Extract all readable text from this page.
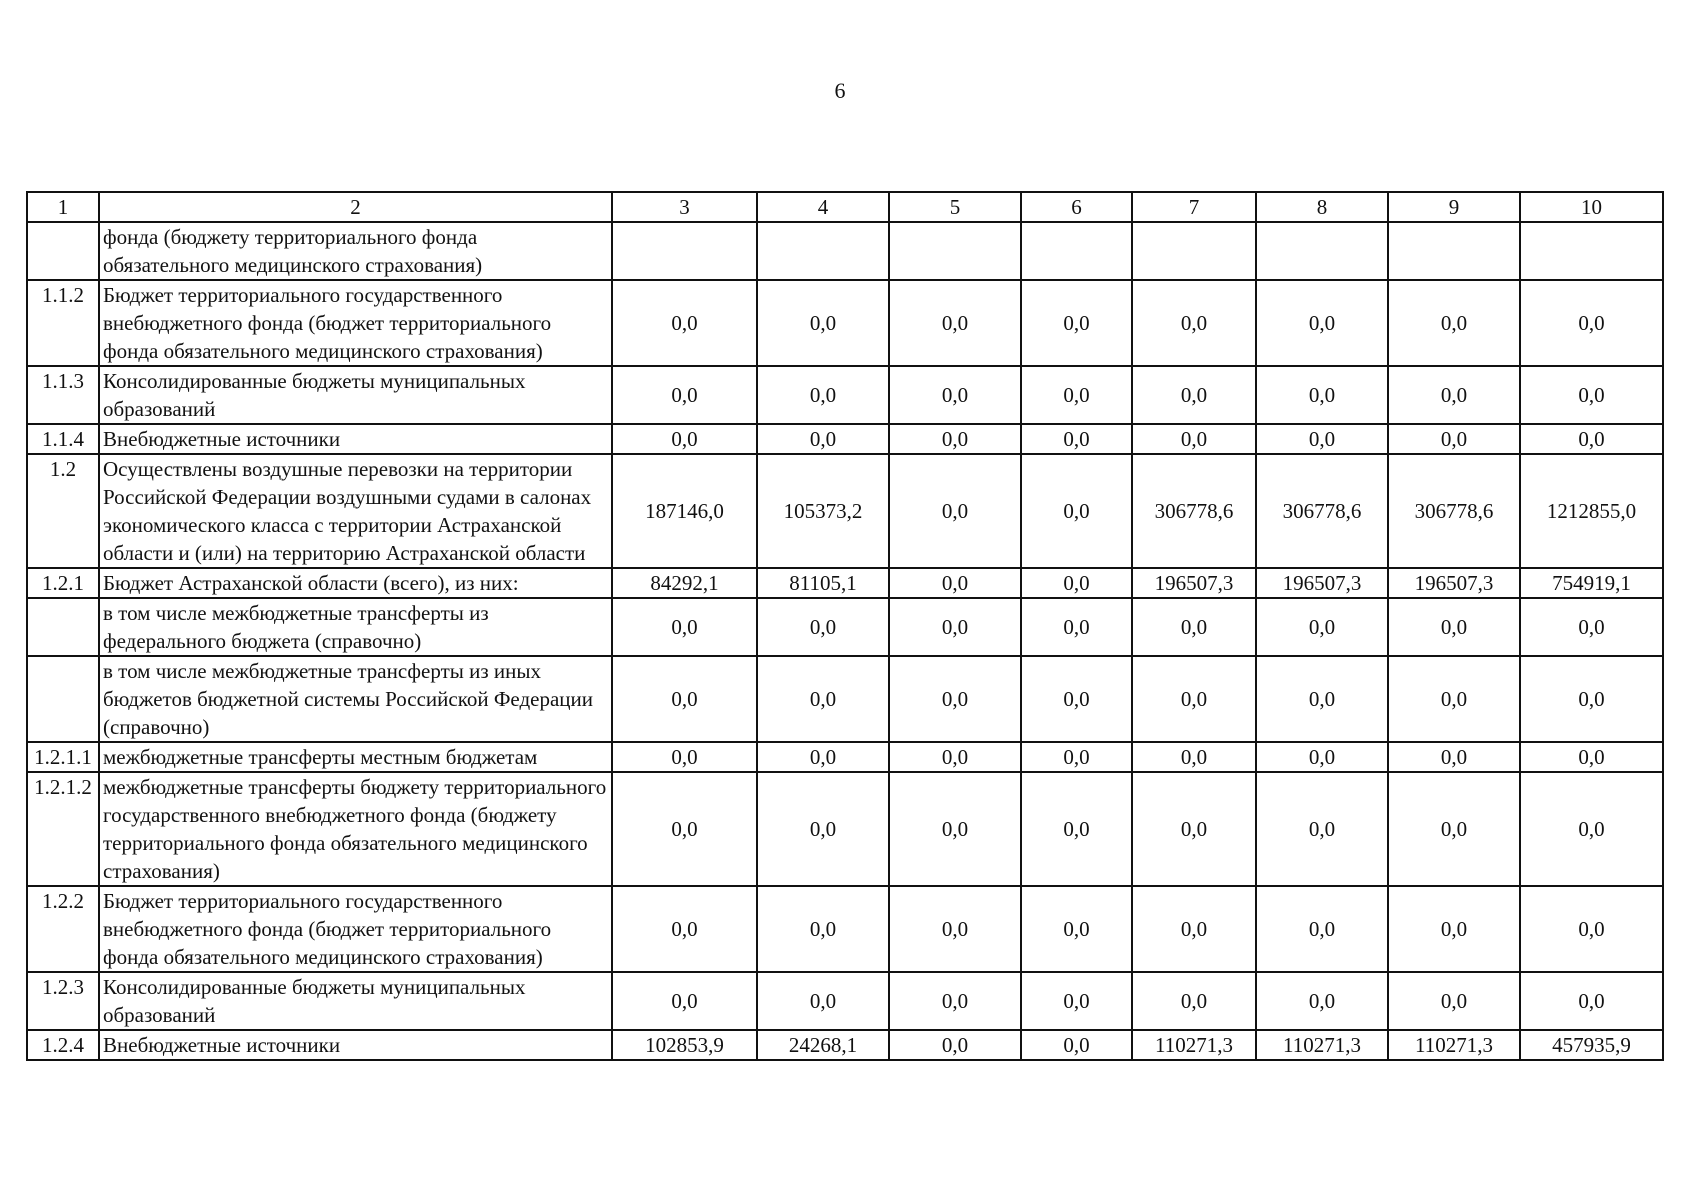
6
1	2	3	4	5	6	7	8	9	10
	фонда (бюджету территориального фонда обязательного медицинского страхования)								
1.1.2	Бюджет территориального государственного внебюджетного фонда (бюджет территориального фонда обязательного медицинского страхования)	0,0	0,0	0,0	0,0	0,0	0,0	0,0	0,0
1.1.3	Консолидированные бюджеты муниципальных образований	0,0	0,0	0,0	0,0	0,0	0,0	0,0	0,0
1.1.4	Внебюджетные источники	0,0	0,0	0,0	0,0	0,0	0,0	0,0	0,0
1.2	Осуществлены воздушные перевозки на территории Российской Федерации воздушными судами в салонах экономического класса с территории Астраханской области и (или) на территорию Астраханской области	187146,0	105373,2	0,0	0,0	306778,6	306778,6	306778,6	1212855,0
1.2.1	Бюджет Астраханской области (всего), из них:	84292,1	81105,1	0,0	0,0	196507,3	196507,3	196507,3	754919,1
	в том числе межбюджетные трансферты из федерального бюджета (справочно)	0,0	0,0	0,0	0,0	0,0	0,0	0,0	0,0
	в том числе межбюджетные трансферты из иных бюджетов бюджетной системы Российской Федерации (справочно)	0,0	0,0	0,0	0,0	0,0	0,0	0,0	0,0
1.2.1.1	межбюджетные трансферты местным бюджетам	0,0	0,0	0,0	0,0	0,0	0,0	0,0	0,0
1.2.1.2	межбюджетные трансферты бюджету территориального государственного внебюджетного фонда (бюджету территориального фонда обязательного медицинского страхования)	0,0	0,0	0,0	0,0	0,0	0,0	0,0	0,0
1.2.2	Бюджет территориального государственного внебюджетного фонда (бюджет территориального фонда обязательного медицинского страхования)	0,0	0,0	0,0	0,0	0,0	0,0	0,0	0,0
1.2.3	Консолидированные бюджеты муниципальных образований	0,0	0,0	0,0	0,0	0,0	0,0	0,0	0,0
1.2.4	Внебюджетные источники	102853,9	24268,1	0,0	0,0	110271,3	110271,3	110271,3	457935,9
